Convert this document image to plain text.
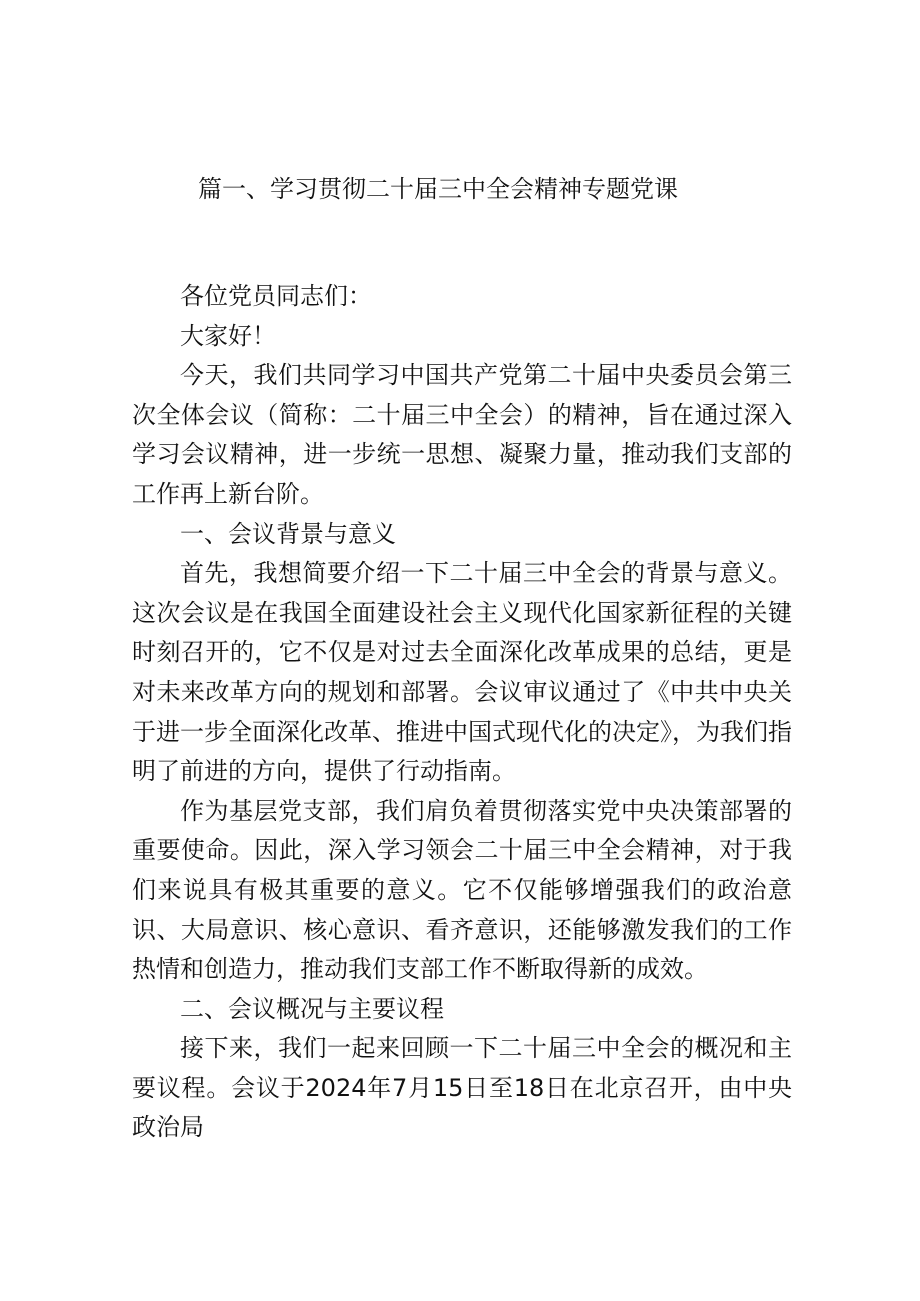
篇一、学习贯彻二十届三中全会精神专题党课

各位党员同志们：

大家好！

今天，我们共同学习中国共产党第二十届中央委员会第三次全体会议（简称：二十届三中全会）的精神，旨在通过深入学习会议精神，进一步统一思想、凝聚力量，推动我们支部的工作再上新台阶。

一、会议背景与意义

首先，我想简要介绍一下二十届三中全会的背景与意义。这次会议是在我国全面建设社会主义现代化国家新征程的关键时刻召开的，它不仅是对过去全面深化改革成果的总结，更是对未来改革方向的规划和部署。会议审议通过了《中共中央关于进一步全面深化改革、推进中国式现代化的决定》，为我们指明了前进的方向，提供了行动指南。

作为基层党支部，我们肩负着贯彻落实党中央决策部署的重要使命。因此，深入学习领会二十届三中全会精神，对于我们来说具有极其重要的意义。它不仅能够增强我们的政治意识、大局意识、核心意识、看齐意识，还能够激发我们的工作热情和创造力，推动我们支部工作不断取得新的成效。

二、会议概况与主要议程

接下来，我们一起来回顾一下二十届三中全会的概况和主要议程。会议于2024年7月15日至18日在北京召开，由中央政治局
